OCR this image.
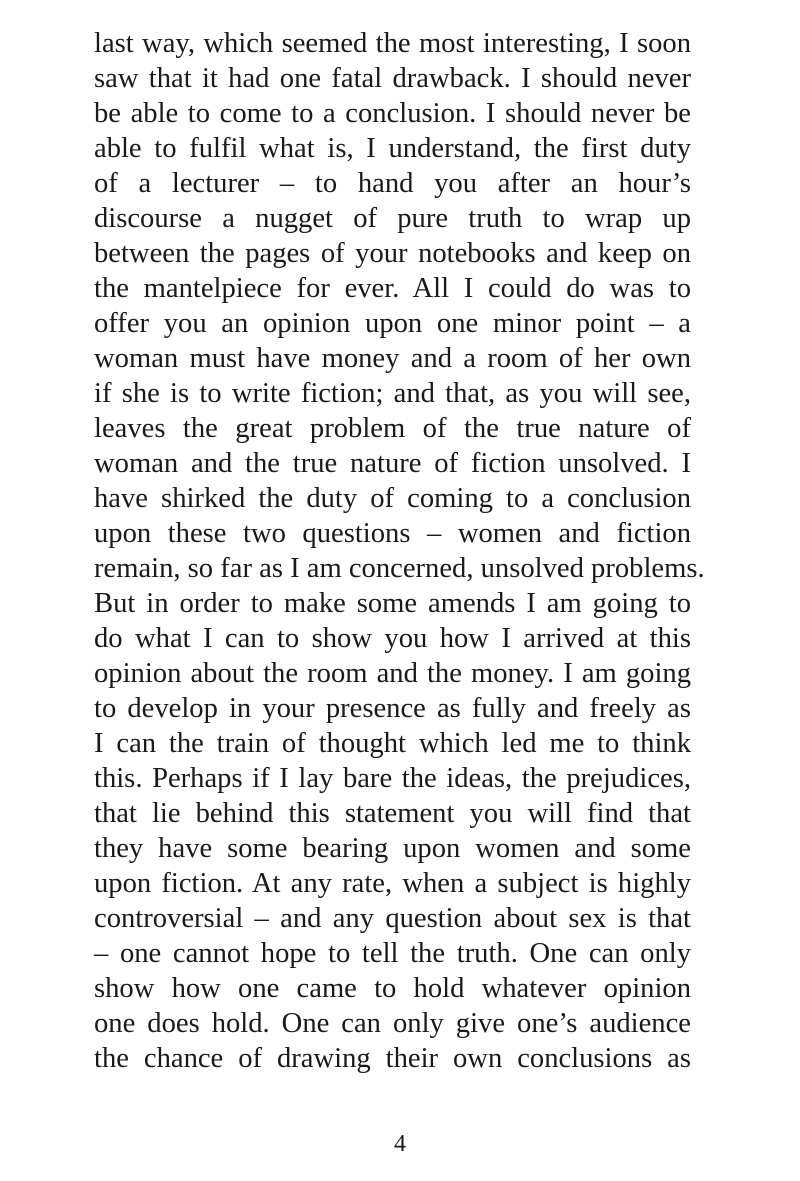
last way, which seemed the most interesting, I soon
saw that it had one fatal drawback. I should never
be able to come to a conclusion. I should never be
able to fulfil what is, I understand, the first duty
of a lecturer – to hand you after an hour’s
discourse a nugget of pure truth to wrap up
between the pages of your notebooks and keep on
the mantelpiece for ever. All I could do was to
offer you an opinion upon one minor point – a
woman must have money and a room of her own
if she is to write fiction; and that, as you will see,
leaves the great problem of the true nature of
woman and the true nature of fiction unsolved. I
have shirked the duty of coming to a conclusion
upon these two questions – women and fiction
remain, so far as I am concerned, unsolved problems.
But in order to make some amends I am going to
do what I can to show you how I arrived at this
opinion about the room and the money. I am going
to develop in your presence as fully and freely as
I can the train of thought which led me to think
this. Perhaps if I lay bare the ideas, the prejudices,
that lie behind this statement you will find that
they have some bearing upon women and some
upon fiction. At any rate, when a subject is highly
controversial – and any question about sex is that
– one cannot hope to tell the truth. One can only
show how one came to hold whatever opinion
one does hold. One can only give one’s audience
the chance of drawing their own conclusions as
4
